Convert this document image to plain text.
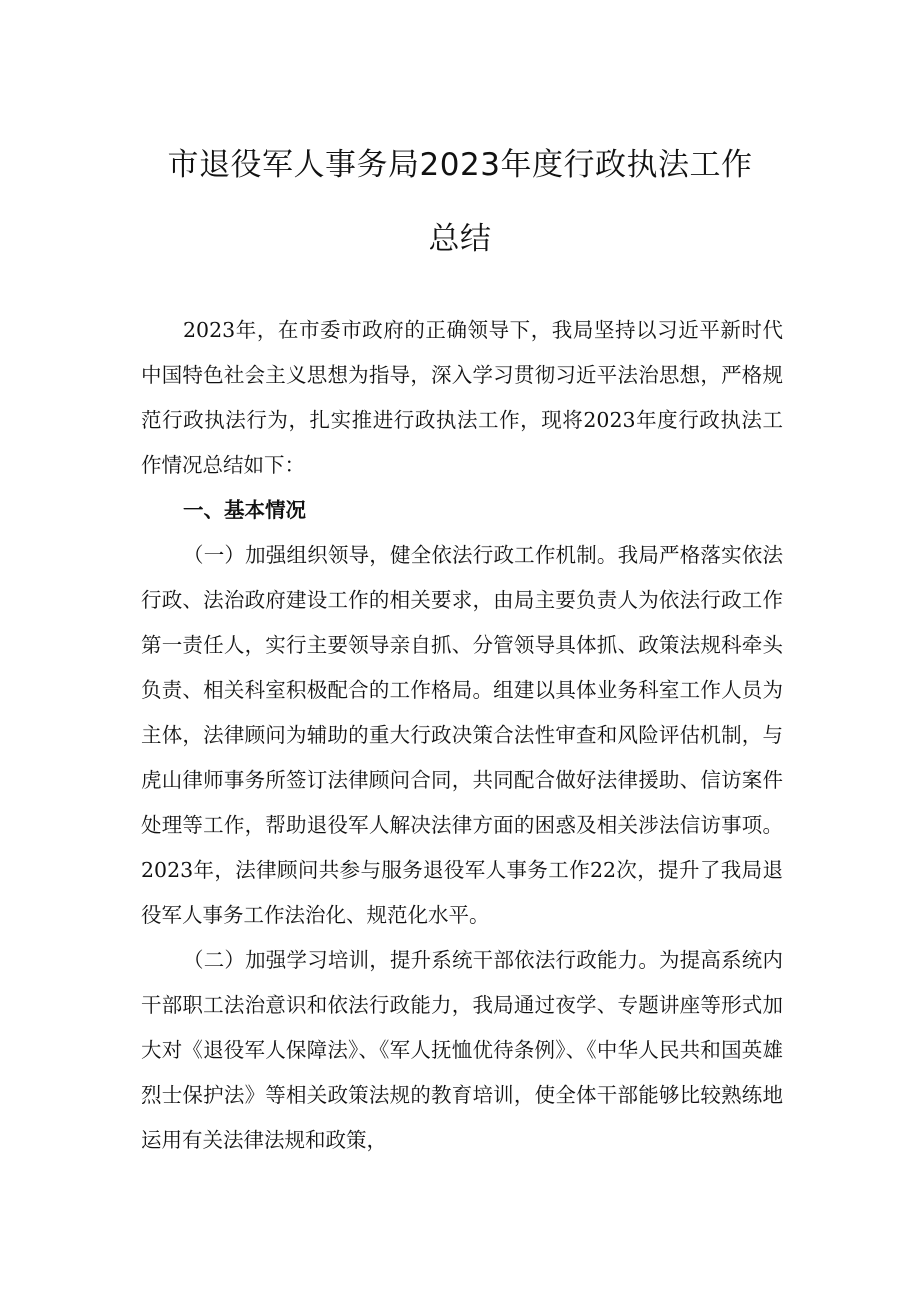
市退役军人事务局2023年度行政执法工作
总结

2023年，在市委市政府的正确领导下，我局坚持以习近平新时代中国特色社会主义思想为指导，深入学习贯彻习近平法治思想，严格规范行政执法行为，扎实推进行政执法工作，现将2023年度行政执法工作情况总结如下：

一、基本情况

（一）加强组织领导，健全依法行政工作机制。我局严格落实依法行政、法治政府建设工作的相关要求，由局主要负责人为依法行政工作第一责任人，实行主要领导亲自抓、分管领导具体抓、政策法规科牵头负责、相关科室积极配合的工作格局。组建以具体业务科室工作人员为主体，法律顾问为辅助的重大行政决策合法性审查和风险评估机制，与虎山律师事务所签订法律顾问合同，共同配合做好法律援助、信访案件处理等工作，帮助退役军人解决法律方面的困惑及相关涉法信访事项。2023年，法律顾问共参与服务退役军人事务工作22次，提升了我局退役军人事务工作法治化、规范化水平。

（二）加强学习培训，提升系统干部依法行政能力。为提高系统内干部职工法治意识和依法行政能力，我局通过夜学、专题讲座等形式加大对《退役军人保障法》、《军人抚恤优待条例》、《中华人民共和国英雄烈士保护法》等相关政策法规的教育培训，使全体干部能够比较熟练地运用有关法律法规和政策，
